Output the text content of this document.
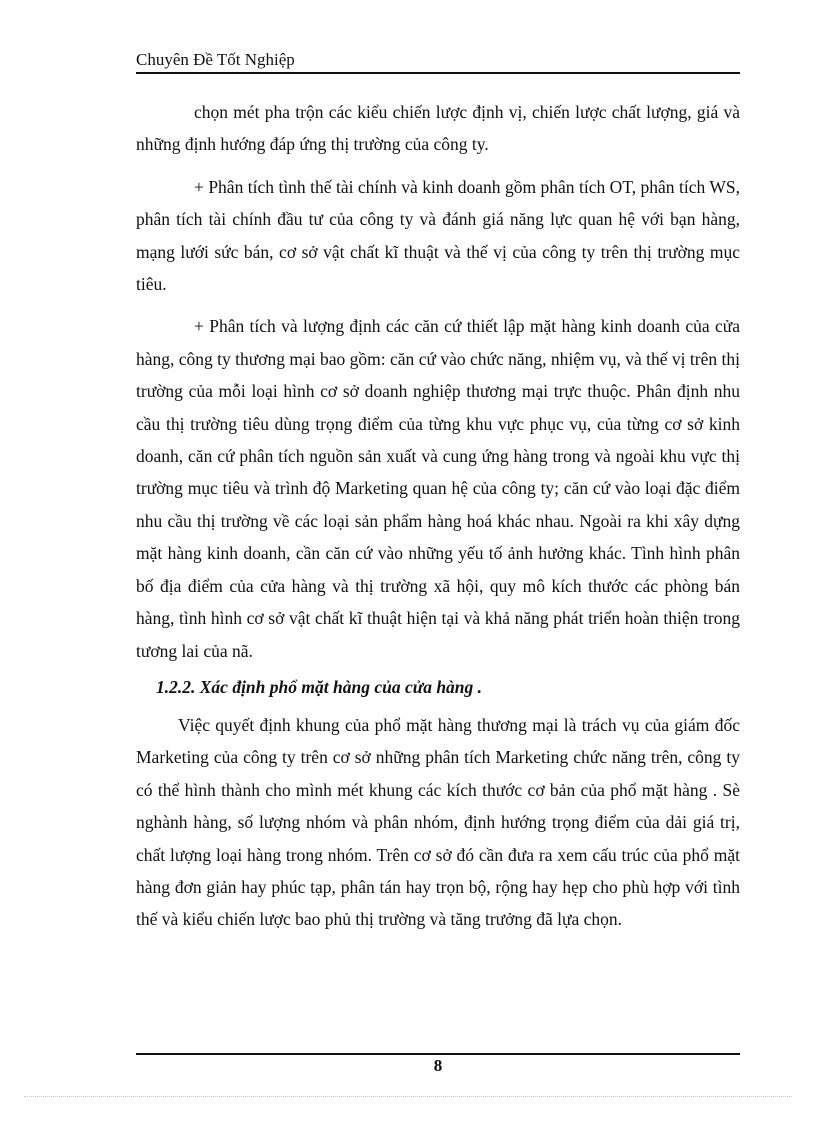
Chuyên Đề Tốt Nghiệp

chọn mét pha trộn các kiểu chiến lược định vị, chiến lược chất lượng, giá và những định hướng đáp ứng thị trường của công ty.

+ Phân tích tình thế tài chính và kinh doanh gồm phân tích OT, phân tích WS, phân tích tài chính đầu tư của công ty và đánh giá năng lực quan hệ với bạn hàng, mạng lưới sức bán, cơ sở vật chất kĩ thuật và thế vị của công ty trên thị trường mục tiêu.

+ Phân tích và lượng định các căn cứ thiết lập mặt hàng kinh doanh của cửa hàng, công ty thương mại bao gồm: căn cứ vào chức năng, nhiệm vụ, và thế vị trên thị trường của mỗi loại hình cơ sở doanh nghiệp thương mại trực thuộc. Phân định nhu cầu thị trường tiêu dùng trọng điểm của từng khu vực phục vụ, của từng cơ sở kinh doanh, căn cứ phân tích nguồn sản xuất và cung ứng hàng trong và ngoài khu vực thị trường mục tiêu và trình độ Marketing quan hệ của công ty; căn cứ vào loại đặc điểm nhu cầu thị trường về các loại sản phẩm hàng hoá khác nhau. Ngoài ra khi xây dựng mặt hàng kinh doanh, cần căn cứ vào những yếu tố ảnh hưởng khác. Tình hình phân bố địa điểm của cửa hàng và thị trường xã hội, quy mô kích thước các phòng bán hàng, tình hình cơ sở vật chất kĩ thuật hiện tại và khả năng phát triển hoàn thiện trong tương lai của nã.

1.2.2. Xác định phổ mặt hàng của cửa hàng .

Việc quyết định khung của phổ mặt hàng thương mại là trách vụ của giám đốc Marketing của công ty trên cơ sở những phân tích Marketing chức năng trên, công ty có thể hình thành cho mình mét khung các kích thước cơ bản của phổ mặt hàng . Sè nghành hàng, số lượng nhóm và phân nhóm, định hướng trọng điểm của dải giá trị, chất lượng loại hàng trong nhóm. Trên cơ sở đó cần đưa ra xem cấu trúc của phổ mặt hàng đơn giản hay phúc tạp, phân tán hay trọn bộ, rộng hay hẹp cho phù hợp với tình thế và kiểu chiến lược bao phủ thị trường và tăng trưởng đã lựa chọn.

8
